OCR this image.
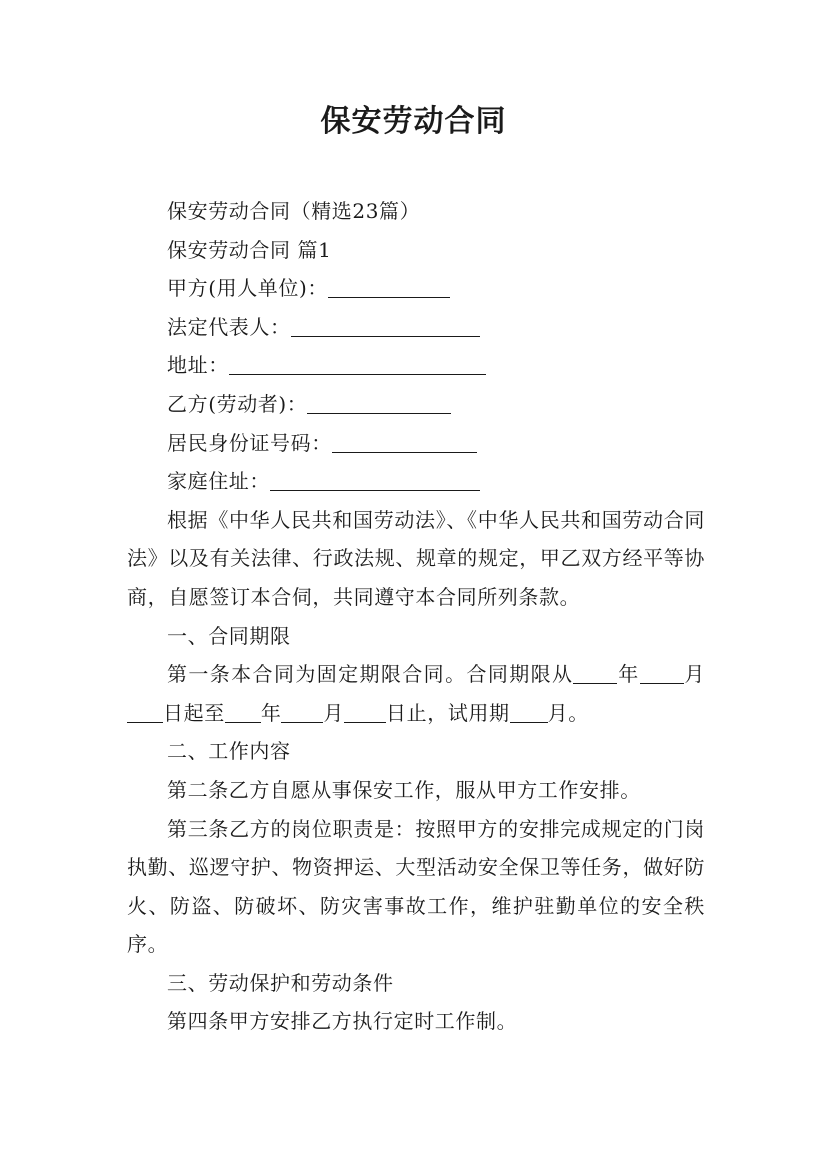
保安劳动合同

保安劳动合同（精选23篇）

保安劳动合同 篇1

甲方(用人单位)：

法定代表人：

地址：

乙方(劳动者)：

居民身份证号码：

家庭住址：

根据《中华人民共和国劳动法》、《中华人民共和国劳动合同法》以及有关法律、行政法规、规章的规定，甲乙双方经平等协商，自愿签订本合伺，共同遵守本合同所列条款。

一、合同期限

第一条本合同为固定期限合同。合同期限从 年 月日起至 年 月 日止，试用期 月。

二、工作内容

第二条乙方自愿从事保安工作，服从甲方工作安排。

第三条乙方的岗位职责是：按照甲方的安排完成规定的门岗执勤、巡逻守护、物资押运、大型活动安全保卫等任务，做好防火、防盗、防破坏、防灾害事故工作，维护驻勤单位的安全秩序。

三、劳动保护和劳动条件

第四条甲方安排乙方执行定时工作制。
